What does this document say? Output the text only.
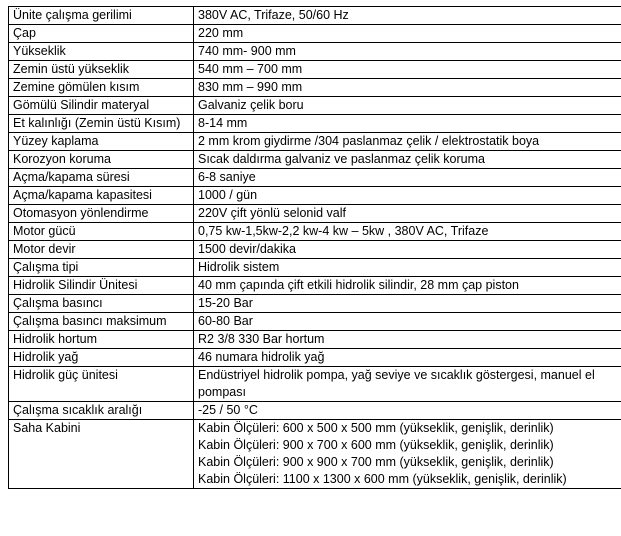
Ünite çalışma gerilimi	380V AC, Trifaze, 50/60 Hz

Çap	220 mm

Yükseklik	740 mm- 900 mm

Zemin üstü yükseklik	540 mm – 700 mm

Zemine gömülen kısım	830 mm – 990 mm

Gömülü Silindir materyal	Galvaniz çelik boru

Et kalınlığı (Zemin üstü Kısım)	8-14 mm

Yüzey kaplama	2 mm krom giydirme /304 paslanmaz çelik / elektrostatik boya

Korozyon koruma	Sıcak daldırma galvaniz ve paslanmaz çelik koruma

Açma/kapama süresi	6-8 saniye

Açma/kapama kapasitesi	1000 / gün

Otomasyon yönlendirme	220V çift yönlü selonid valf

Motor gücü	0,75 kw-1,5kw-2,2 kw-4 kw – 5kw , 380V AC, Trifaze

Motor devir	1500 devir/dakika

Çalışma tipi	Hidrolik sistem

Hidrolik Silindir Ünitesi	40 mm çapında çift etkili hidrolik silindir, 28 mm çap piston

Çalışma basıncı	15-20 Bar

Çalışma basıncı maksimum	60-80 Bar

Hidrolik hortum	R2 3/8 330 Bar hortum

Hidrolik yağ	46 numara hidrolik yağ

Hidrolik güç ünitesi	Endüstriyel hidrolik pompa, yağ seviye ve sıcaklık göstergesi, manuel el pompası

Çalışma sıcaklık aralığı	-25 / 50 °C

Saha Kabini	Kabin Ölçüleri: 600 x 500 x 500 mm (yükseklik, genişlik, derinlik)
Kabin Ölçüleri: 900 x 700 x 600 mm (yükseklik, genişlik, derinlik)
Kabin Ölçüleri: 900 x 900 x 700 mm (yükseklik, genişlik, derinlik)
Kabin Ölçüleri: 1100 x 1300 x 600 mm (yükseklik, genişlik, derinlik)
